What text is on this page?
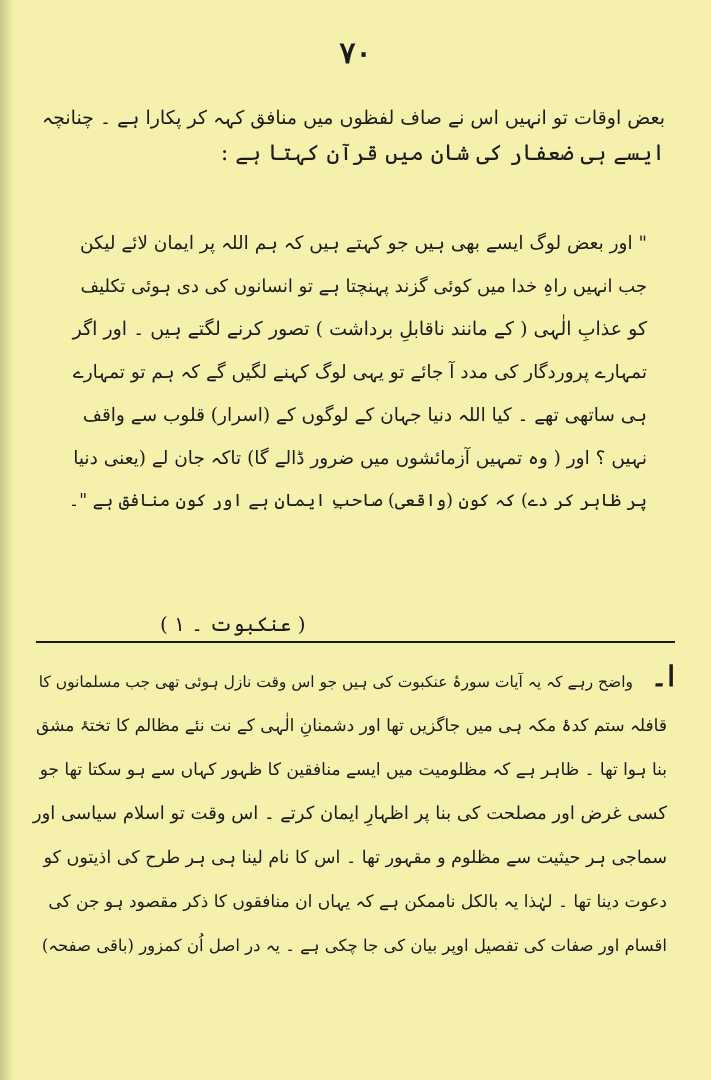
۷۰
بعض اوقات تو انہیں اس نے صاف لفظوں میں منافق کہہ کر پکارا ہے ۔ چنانچہ
ایسے ہی ضعفار کی شان میں قرآن کہتا ہے :
" اور بعض لوگ ایسے بھی ہیں جو کہتے ہیں کہ ہم اللہ پر ایمان لائے لیکن
جب انہیں راہِ خدا میں کوئی گزند پہنچتا ہے تو انسانوں کی دی ہوئی تکلیف
کو عذابِ الٰہی ( کے مانند ناقابلِ برداشت ) تصور کرنے لگتے ہیں ۔ اور اگر
تمہارے پروردگار کی مدد آ جائے تو یہی لوگ کہنے لگیں گے کہ ہم تو تمہارے
ہی ساتھی تھے ۔ کیا اللہ دنیا جہان کے لوگوں کے (اسرار) قلوب سے واقف
نہیں ؟ اور ( وہ تمہیں آزمائشوں میں ضرور ڈالے گا) تاکہ جان لے (یعنی دنیا
پر ظاہر کر دے) کہ کون (واقعی) صاحبِ ایمان ہے اور کون منافق ہے "۔
( عنکبوت ۔ ١ )
ا۔
واضح رہے کہ یہ آیات سورۂ عنکبوت کی ہیں جو اس وقت نازل ہوئی تھی جب مسلمانوں کا
قافلہ ستم کدۂ مکہ ہی میں جاگزیں تھا اور دشمنانِ الٰہی کے نت نئے مظالم کا تختۂ مشق
بنا ہوا تھا ۔ ظاہر ہے کہ مظلومیت میں ایسے منافقین کا ظہور کہاں سے ہو سکتا تھا جو
کسی غرض اور مصلحت کی بنا پر اظہارِ ایمان کرتے ۔ اس وقت تو اسلام سیاسی اور
سماجی ہر حیثیت سے مظلوم و مقہور تھا ۔ اس کا نام لینا ہی ہر طرح کی اذیتوں کو
دعوت دینا تھا ۔ لہٰذا یہ بالکل ناممکن ہے کہ یہاں ان منافقوں کا ذکر مقصود ہو جن کی
اقسام اور صفات کی تفصیل اوپر بیان کی جا چکی ہے ۔ یہ در اصل اُن کمزور (باقی صفحہ)
